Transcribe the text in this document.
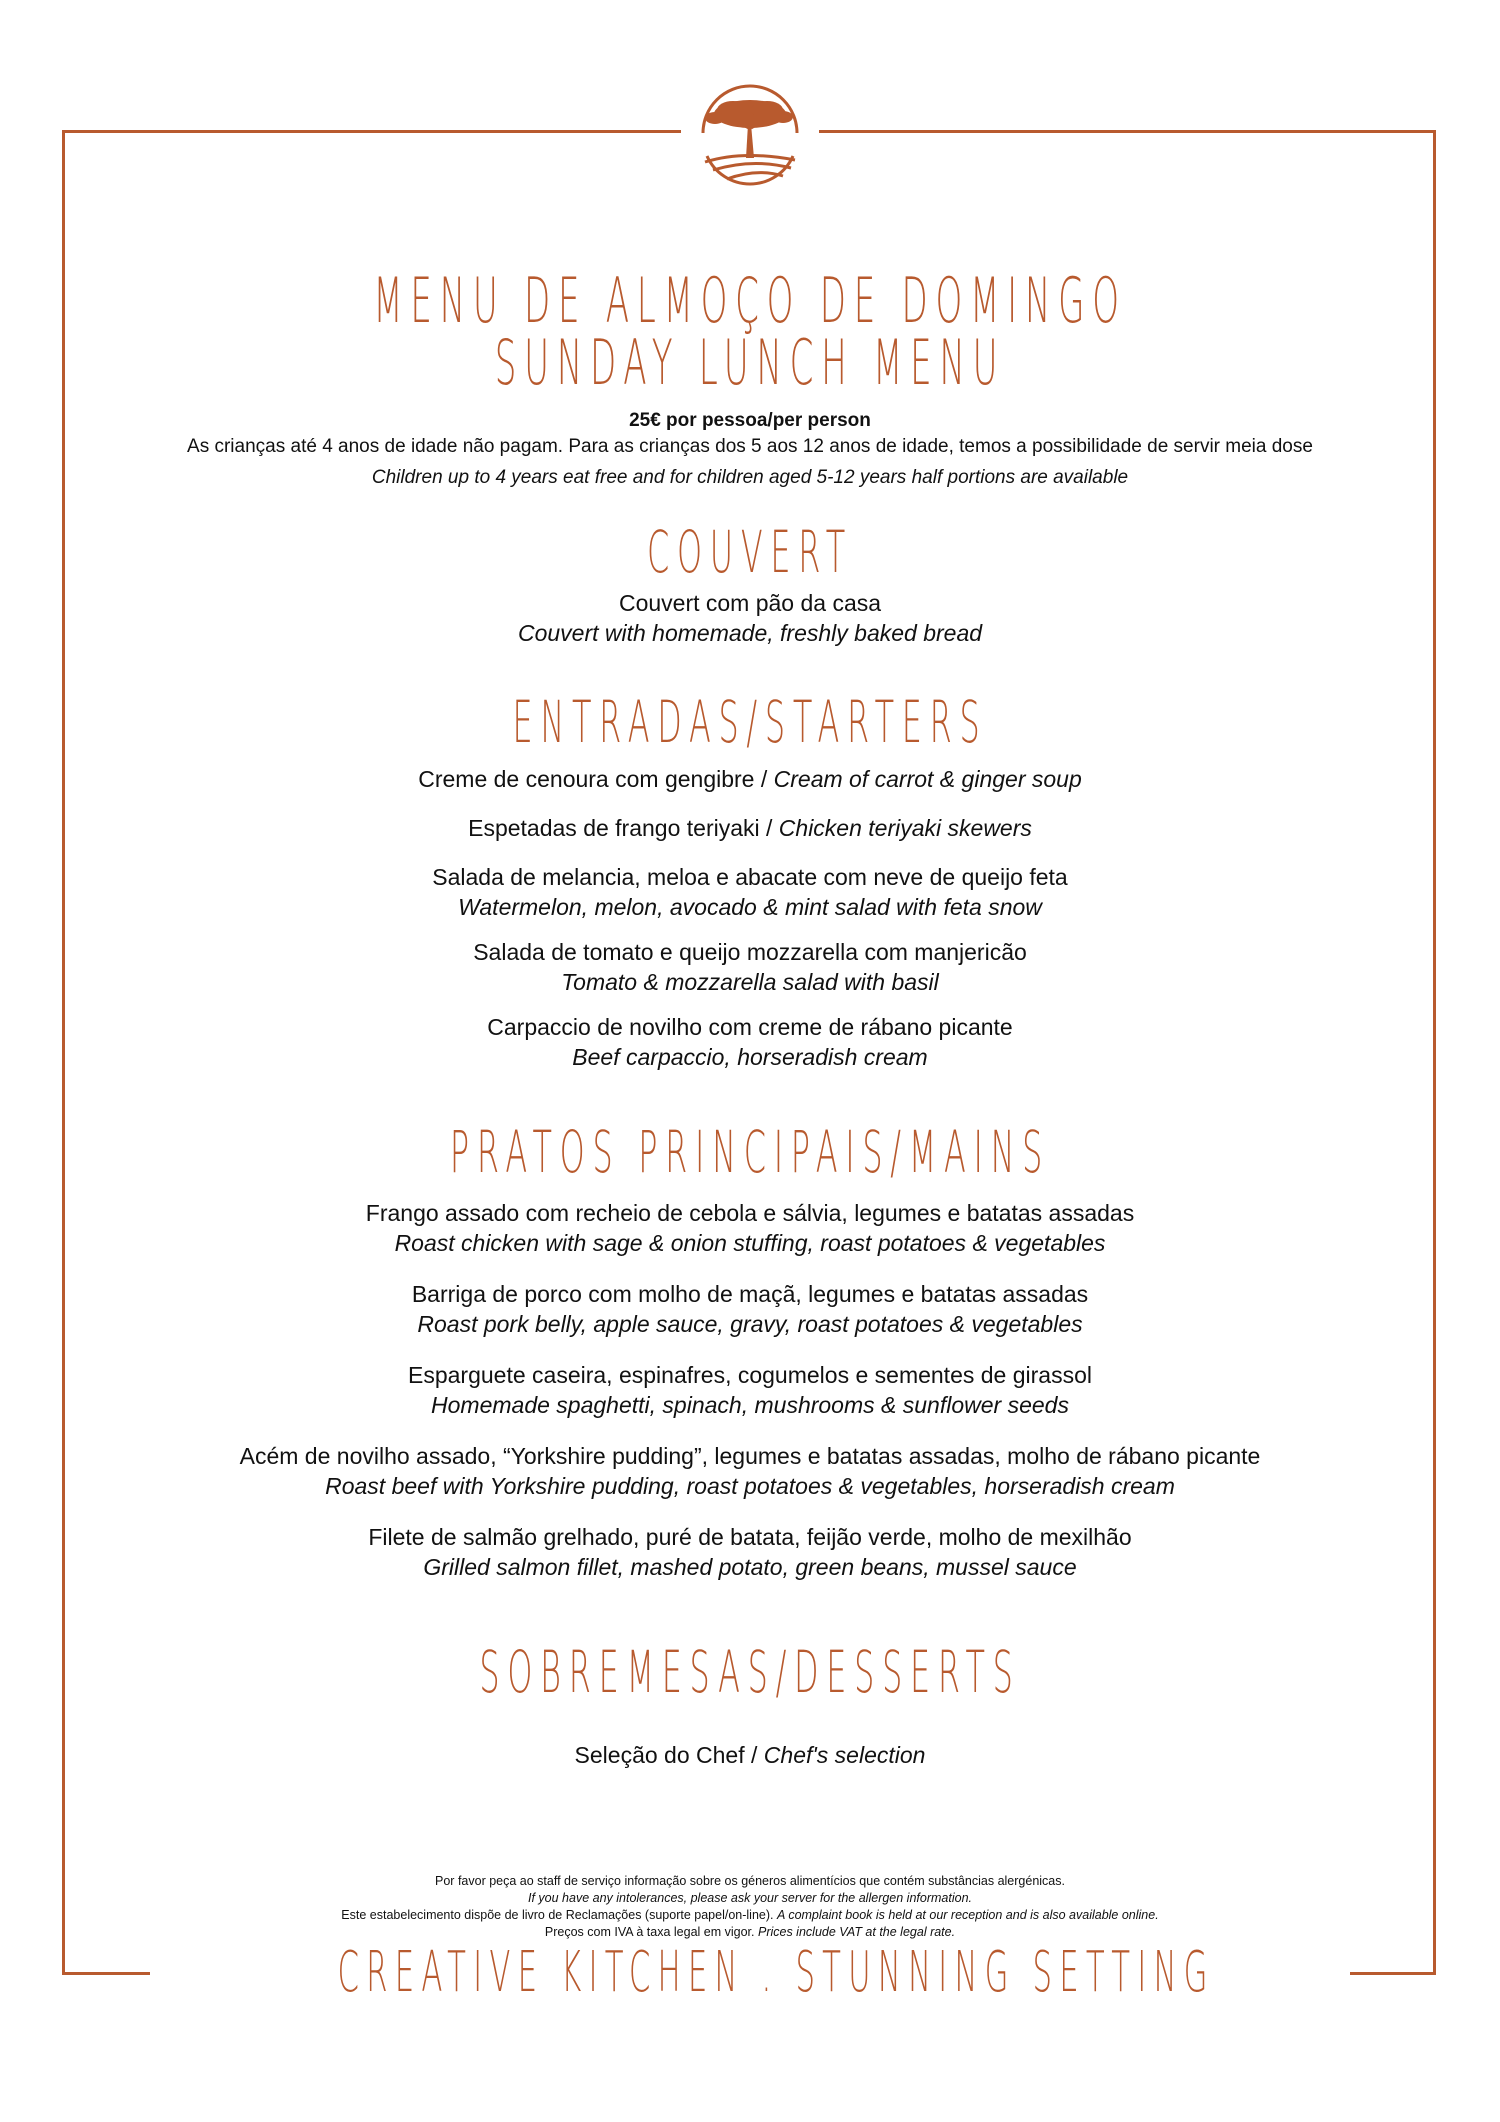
MENU DE ALMOÇO DE DOMINGO
SUNDAY LUNCH MENU
25€ por pessoa/per person
As crianças até 4 anos de idade não pagam. Para as crianças dos 5 aos 12 anos de idade, temos a possibilidade de servir meia dose
Children up to 4 years eat free and for children aged 5-12 years half portions are available
COUVERT
Couvert com pão da casa
Couvert with homemade, freshly baked bread
ENTRADAS/STARTERS
Creme de cenoura com gengibre / Cream of carrot & ginger soup
Espetadas de frango teriyaki / Chicken teriyaki skewers
Salada de melancia, meloa e abacate com neve de queijo feta
Watermelon, melon, avocado & mint salad with feta snow
Salada de tomato e queijo mozzarella com manjericão
Tomato & mozzarella salad with basil
Carpaccio de novilho com creme de rábano picante
Beef carpaccio, horseradish cream
PRATOS PRINCIPAIS/MAINS
Frango assado com recheio de cebola e sálvia, legumes e batatas assadas
Roast chicken with sage & onion stuffing, roast potatoes & vegetables
Barriga de porco com molho de maçã, legumes e batatas assadas
Roast pork belly, apple sauce, gravy, roast potatoes & vegetables
Esparguete caseira, espinafres, cogumelos e sementes de girassol
Homemade spaghetti, spinach, mushrooms & sunflower seeds
Acém de novilho assado, “Yorkshire pudding”, legumes e batatas assadas, molho de rábano picante
Roast beef with Yorkshire pudding, roast potatoes & vegetables, horseradish cream
Filete de salmão grelhado, puré de batata, feijão verde, molho de mexilhão
Grilled salmon fillet, mashed potato, green beans, mussel sauce
SOBREMESAS/DESSERTS
Seleção do Chef / Chef's selection
Por favor peça ao staff de serviço informação sobre os géneros alimentícios que contém substâncias alergénicas.
If you have any intolerances, please ask your server for the allergen information.
Este estabelecimento dispõe de livro de Reclamações (suporte papel/on-line). A complaint book is held at our reception and is also available online.
Preços com IVA à taxa legal em vigor. Prices include VAT at the legal rate.
CREATIVE KITCHEN . STUNNING SETTING
